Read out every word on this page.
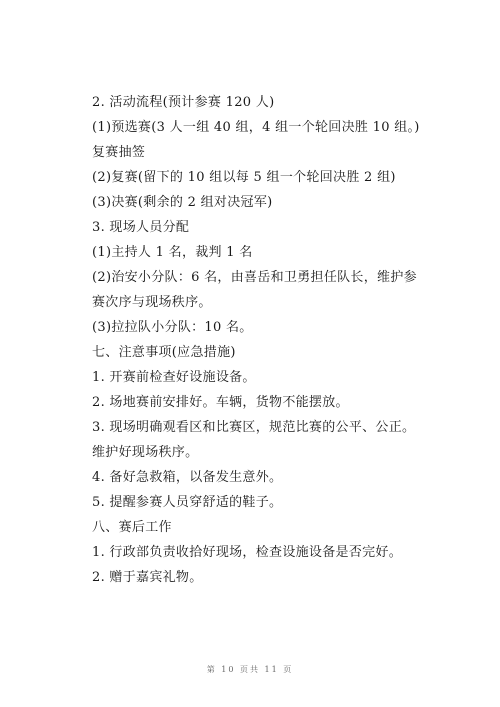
2. 活动流程(预计参赛 120 人)

(1)预选赛(3 人一组 40 组，4 组一个轮回决胜 10 组。)复赛抽签

(2)复赛(留下的 10 组以每 5 组一个轮回决胜 2 组)

(3)决赛(剩余的 2 组对决冠军)

3. 现场人员分配

(1)主持人 1 名，裁判 1 名

(2)治安小分队：6 名，由喜岳和卫勇担任队长，维护参赛次序与现场秩序。

(3)拉拉队小分队：10 名。

七、注意事项(应急措施)

1. 开赛前检查好设施设备。

2. 场地赛前安排好。车辆，货物不能摆放。

3. 现场明确观看区和比赛区，规范比赛的公平、公正。维护好现场秩序。

4. 备好急救箱，以备发生意外。

5. 提醒参赛人员穿舒适的鞋子。

八、赛后工作

1. 行政部负责收拾好现场，检查设施设备是否完好。

2. 赠于嘉宾礼物。

第 10 页共 11 页
